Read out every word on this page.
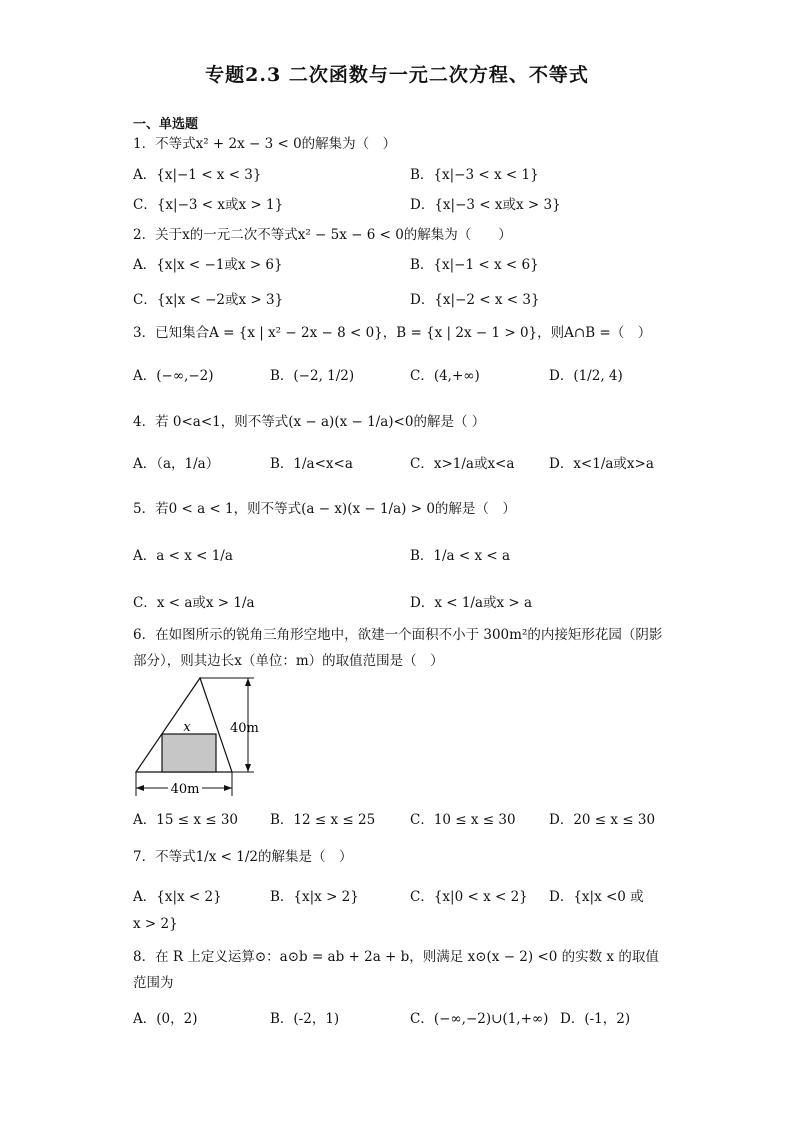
专题2.3 二次函数与一元二次方程、不等式
一、单选题
1．不等式x² + 2x − 3 < 0的解集为（　）
A．{x|−1 < x < 3}	B．{x|−3 < x < 1}
C．{x|−3 < x或x > 1}	D．{x|−3 < x或x > 3}
2．关于x的一元二次不等式x² − 5x − 6 < 0的解集为（　　）
A．{x|x < −1或x > 6}	B．{x|−1 < x < 6}
C．{x|x < −2或x > 3}	D．{x|−2 < x < 3}
3．已知集合A = {x | x² − 2x − 8 < 0}，B = {x | 2x − 1 > 0}，则A∩B =（　）
A．(−∞,−2)	B．(−2, 1/2)	C．(4,+∞)	D．(1/2, 4)
4．若 0<a<1，则不等式(x − a)(x − 1/a)<0的解是（ ）
A．（a，1/a）	B．1/a<x<a	C．x>1/a或x<a	D．x<1/a或x>a
5．若0 < a < 1，则不等式(a − x)(x − 1/a) > 0的解是（　）
A．a < x < 1/a	B．1/a < x < a
C．x < a或x > 1/a	D．x < 1/a或x > a
6．在如图所示的锐角三角形空地中，欲建一个面积不小于 300m²的内接矩形花园（阴影部分），则其边长x（单位：m）的取值范围是（　）
x	40m
40m
A．15 ≤ x ≤ 30 B．12 ≤ x ≤ 25	C．10 ≤ x ≤ 30 D．20 ≤ x ≤ 30
7．不等式1/x < 1/2的解集是（　）
A．{x|x < 2}	B．{x|x > 2}	C．{x|0 < x < 2} D．{x|x <0 或
x > 2}
8．在 R 上定义运算⊙：a⊙b = ab + 2a + b，则满足 x⊙(x − 2) <0 的实数 x 的取值范围为
A．(0，2)	B．(-2，1)	C．(−∞,−2)∪(1,+∞) D．(-1，2)
